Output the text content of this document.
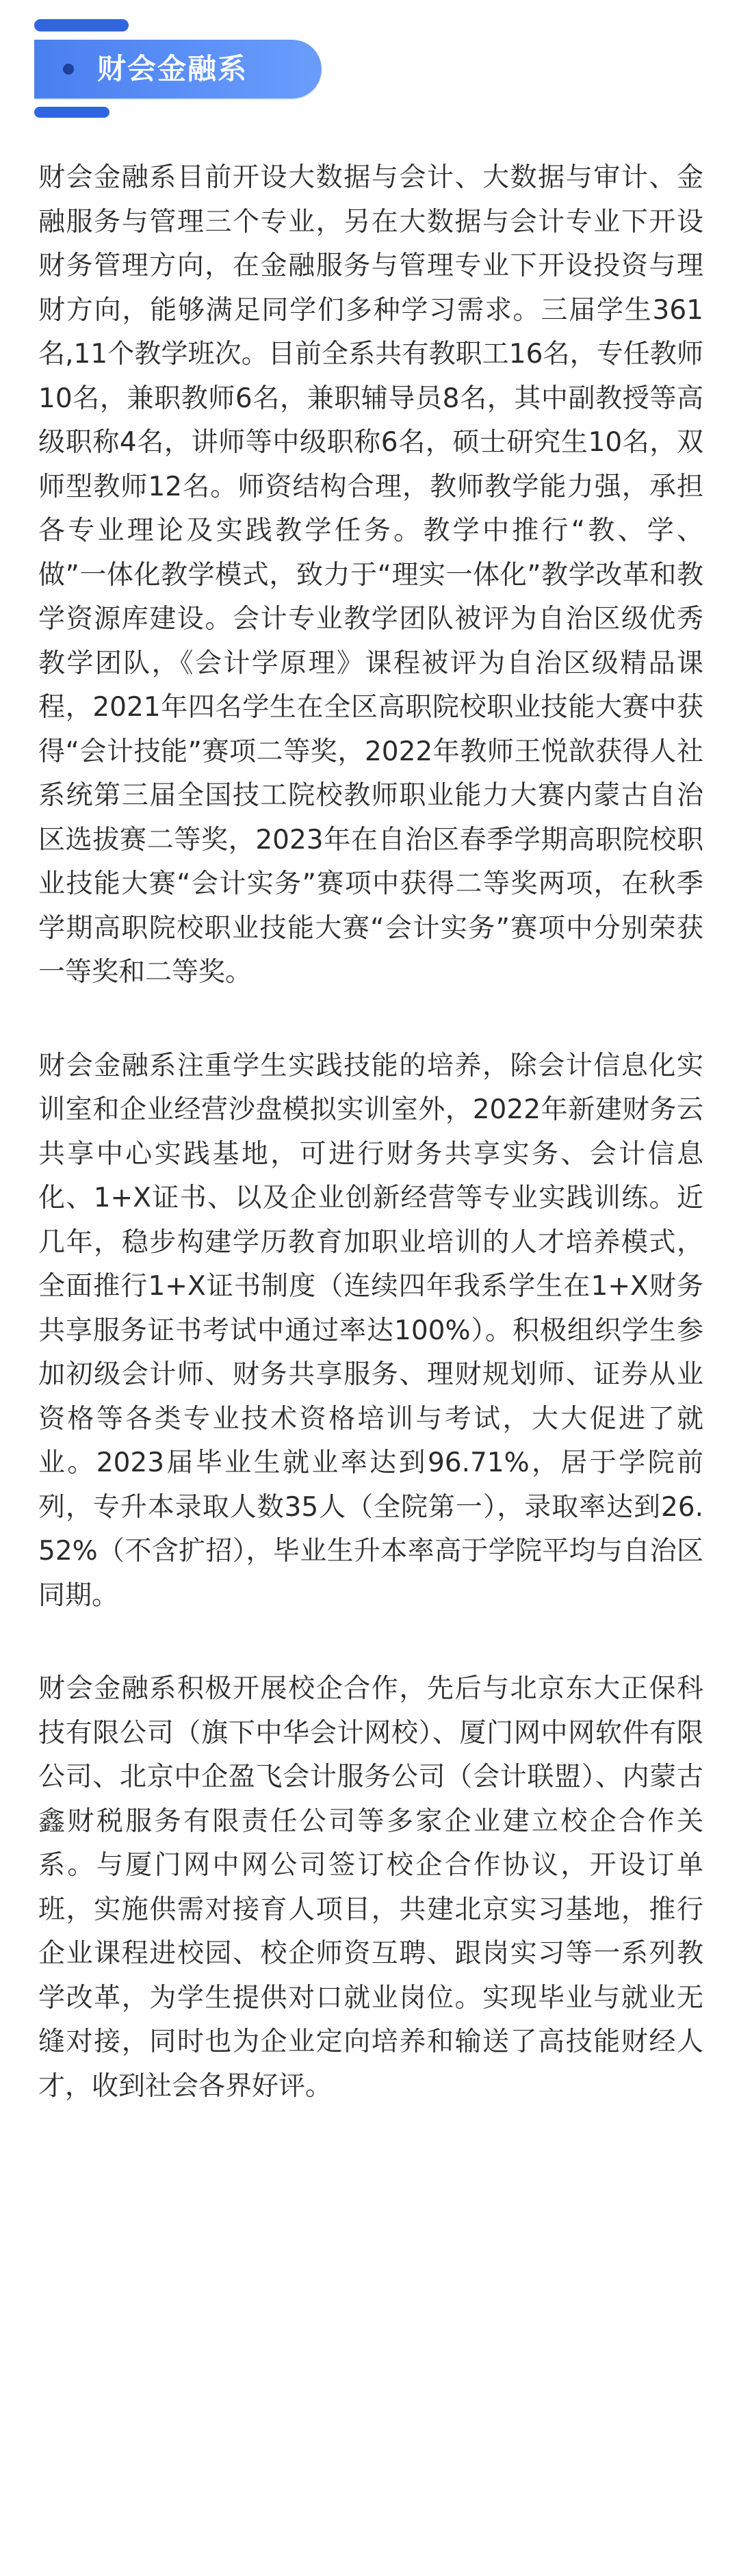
财会金融系

财会金融系目前开设大数据与会计、大数据与审计、金融服务与管理三个专业，另在大数据与会计专业下开设财务管理方向，在金融服务与管理专业下开设投资与理财方向，能够满足同学们多种学习需求。三届学生361名,11个教学班次。目前全系共有教职工16名，专任教师10名，兼职教师6名，兼职辅导员8名，其中副教授等高级职称4名，讲师等中级职称6名，硕士研究生10名，双师型教师12名。师资结构合理，教师教学能力强，承担各专业理论及实践教学任务。教学中推行“教、学、做”一体化教学模式，致力于“理实一体化”教学改革和教学资源库建设。会计专业教学团队被评为自治区级优秀教学团队，《会计学原理》课程被评为自治区级精品课程，2021年四名学生在全区高职院校职业技能大赛中获得“会计技能”赛项二等奖，2022年教师王悦歆获得人社系统第三届全国技工院校教师职业能力大赛内蒙古自治区选拔赛二等奖，2023年在自治区春季学期高职院校职业技能大赛“会计实务”赛项中获得二等奖两项，在秋季学期高职院校职业技能大赛“会计实务”赛项中分别荣获一等奖和二等奖。

财会金融系注重学生实践技能的培养，除会计信息化实训室和企业经营沙盘模拟实训室外，2022年新建财务云共享中心实践基地，可进行财务共享实务、会计信息化、1+X证书、以及企业创新经营等专业实践训练。近几年，稳步构建学历教育加职业培训的人才培养模式，全面推行1+X证书制度（连续四年我系学生在1+X财务共享服务证书考试中通过率达100%）。积极组织学生参加初级会计师、财务共享服务、理财规划师、证券从业资格等各类专业技术资格培训与考试，大大促进了就业。2023届毕业生就业率达到96.71%，居于学院前列，专升本录取人数35人（全院第一），录取率达到26.52%（不含扩招），毕业生升本率高于学院平均与自治区同期。

财会金融系积极开展校企合作，先后与北京东大正保科技有限公司（旗下中华会计网校）、厦门网中网软件有限公司、北京中企盈飞会计服务公司（会计联盟）、内蒙古鑫财税服务有限责任公司等多家企业建立校企合作关系。与厦门网中网公司签订校企合作协议，开设订单班，实施供需对接育人项目，共建北京实习基地，推行企业课程进校园、校企师资互聘、跟岗实习等一系列教学改革，为学生提供对口就业岗位。实现毕业与就业无缝对接，同时也为企业定向培养和输送了高技能财经人才，收到社会各界好评。
